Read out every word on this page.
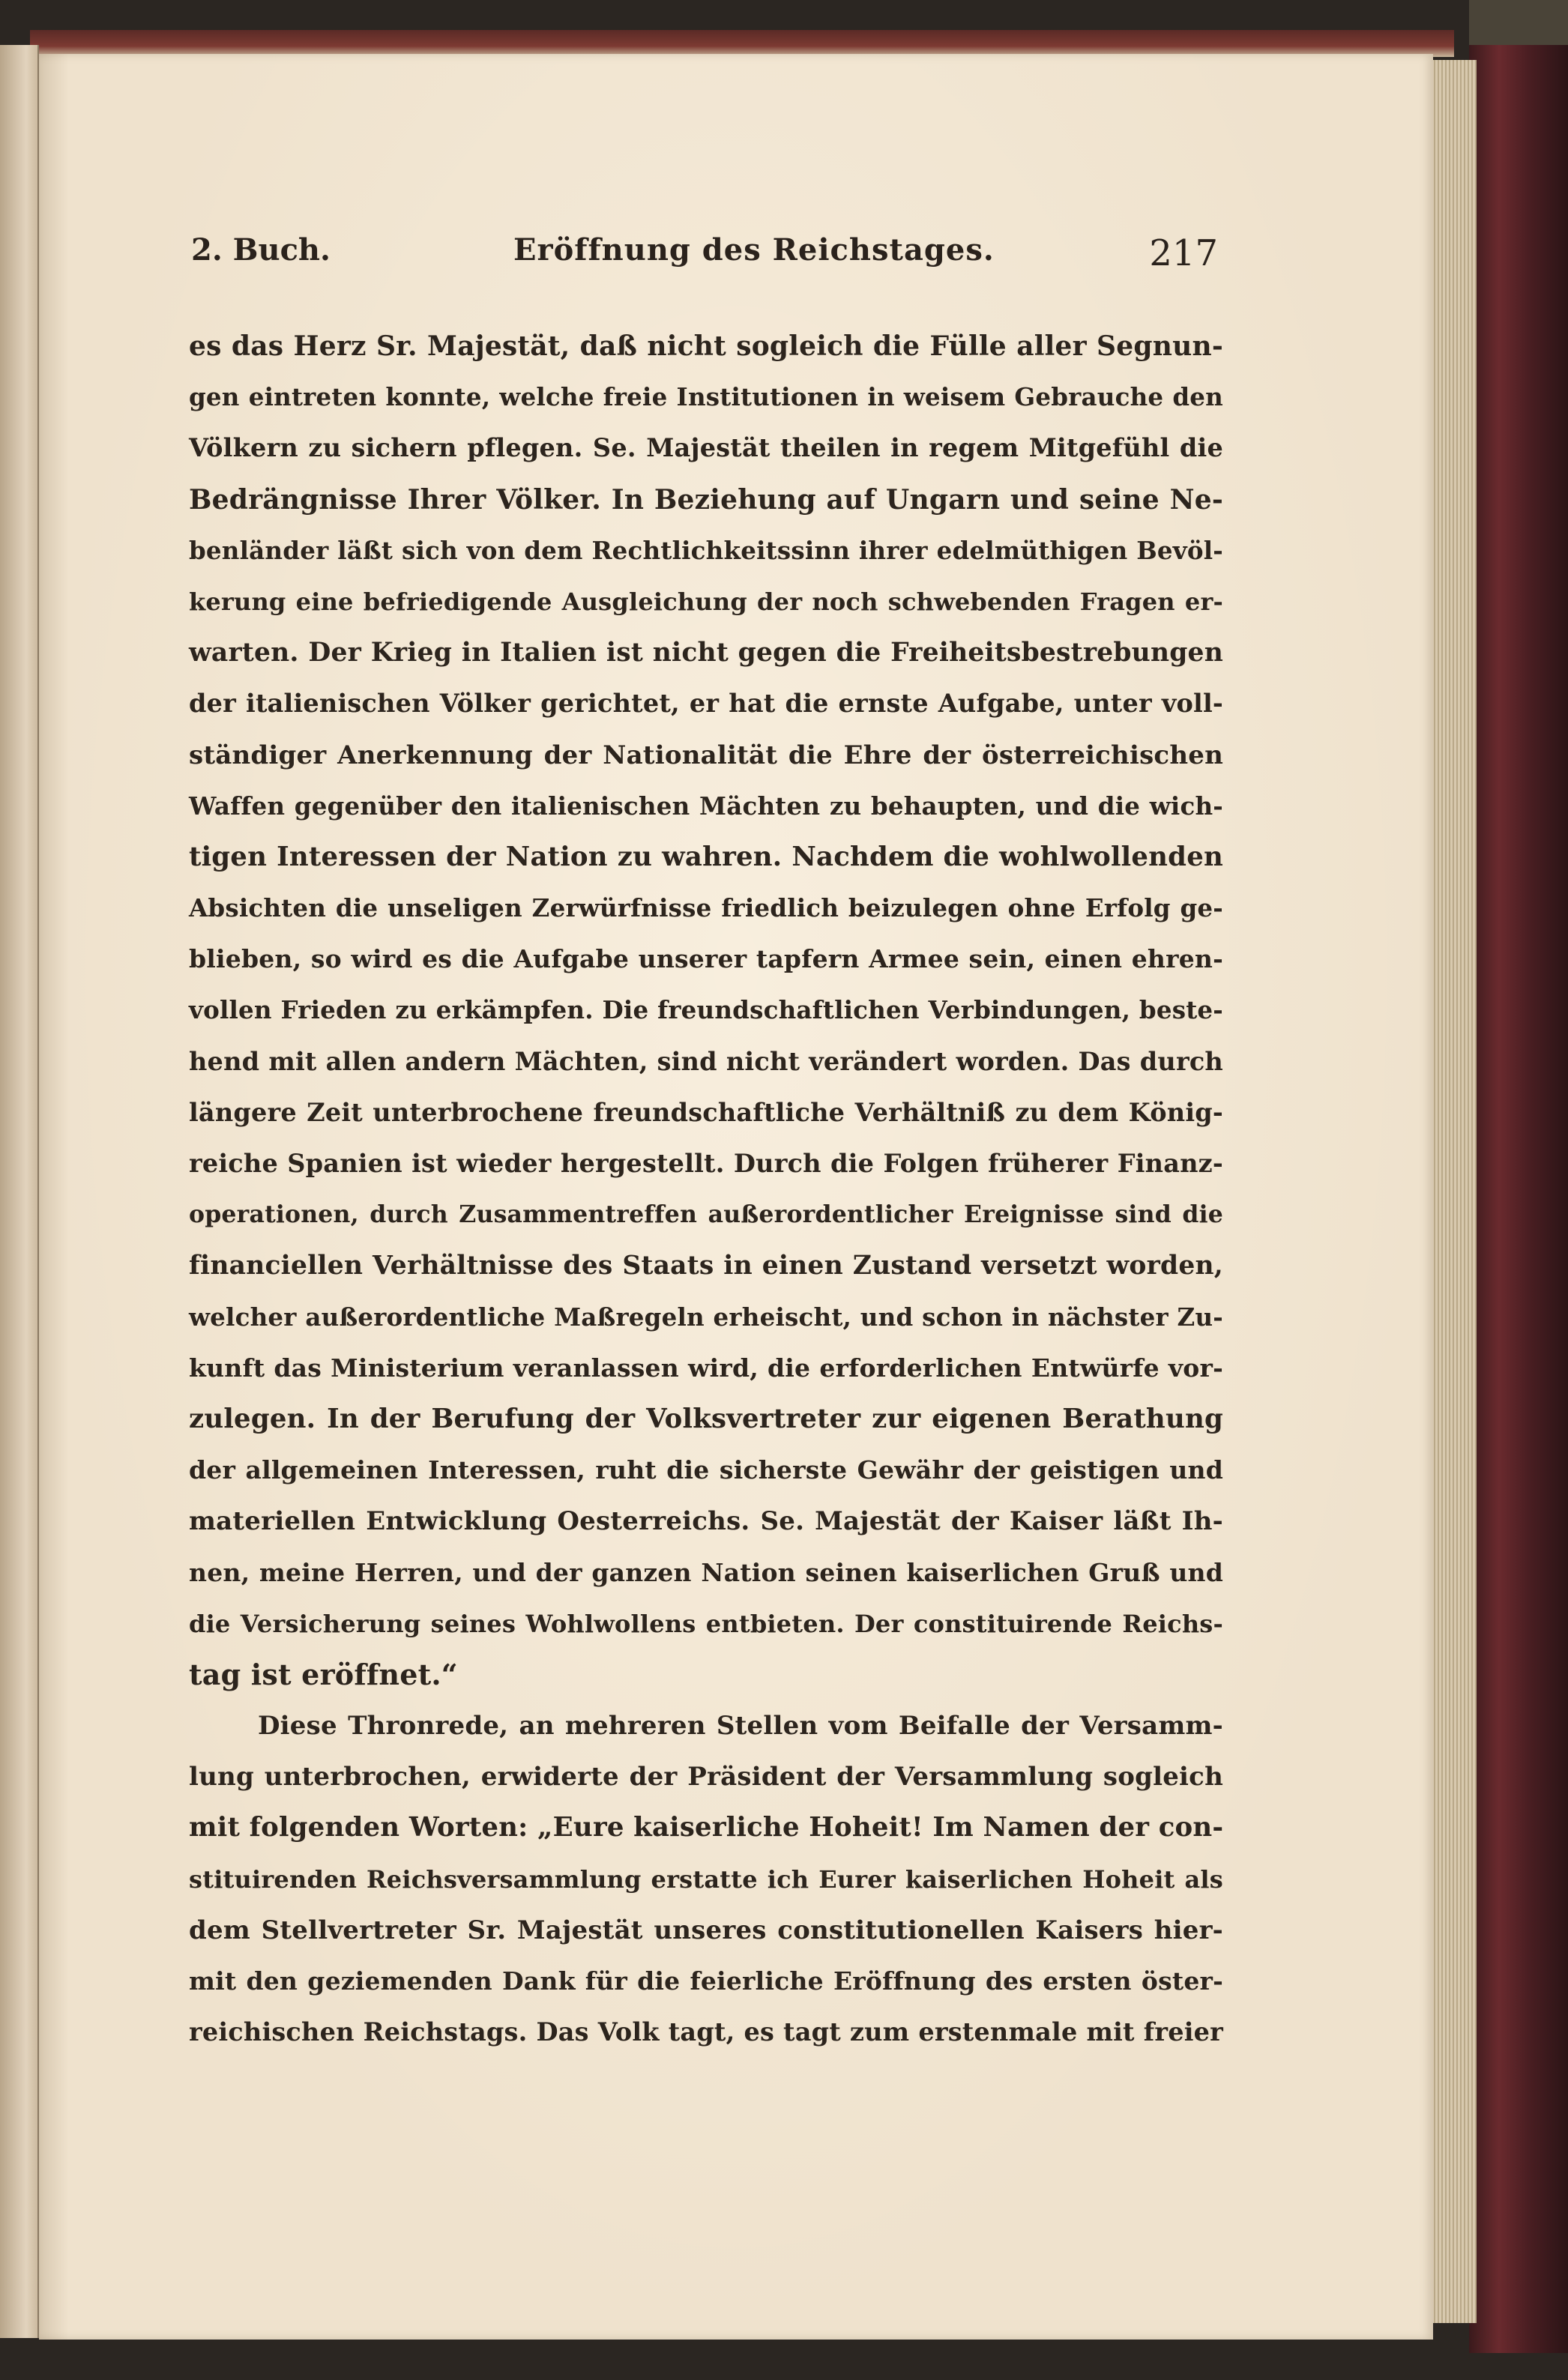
2. Buch.	Eröffnung des Reichstages.	217
es das Herz Sr. Majestät, daß nicht sogleich die Fülle aller Segnun-
gen eintreten konnte, welche freie Institutionen in weisem Gebrauche den
Völkern zu sichern pflegen. Se. Majestät theilen in regem Mitgefühl die
Bedrängnisse Ihrer Völker. In Beziehung auf Ungarn und seine Ne-
benländer läßt sich von dem Rechtlichkeitssinn ihrer edelmüthigen Bevöl-
kerung eine befriedigende Ausgleichung der noch schwebenden Fragen er-
warten. Der Krieg in Italien ist nicht gegen die Freiheitsbestrebungen
der italienischen Völker gerichtet, er hat die ernste Aufgabe, unter voll-
ständiger Anerkennung der Nationalität die Ehre der österreichischen
Waffen gegenüber den italienischen Mächten zu behaupten, und die wich-
tigen Interessen der Nation zu wahren. Nachdem die wohlwollenden
Absichten die unseligen Zerwürfnisse friedlich beizulegen ohne Erfolg ge-
blieben, so wird es die Aufgabe unserer tapfern Armee sein, einen ehren-
vollen Frieden zu erkämpfen. Die freundschaftlichen Verbindungen, beste-
hend mit allen andern Mächten, sind nicht verändert worden. Das durch
längere Zeit unterbrochene freundschaftliche Verhältniß zu dem König-
reiche Spanien ist wieder hergestellt. Durch die Folgen früherer Finanz-
operationen, durch Zusammentreffen außerordentlicher Ereignisse sind die
financiellen Verhältnisse des Staats in einen Zustand versetzt worden,
welcher außerordentliche Maßregeln erheischt, und schon in nächster Zu-
kunft das Ministerium veranlassen wird, die erforderlichen Entwürfe vor-
zulegen. In der Berufung der Volksvertreter zur eigenen Berathung
der allgemeinen Interessen, ruht die sicherste Gewähr der geistigen und
materiellen Entwicklung Oesterreichs. Se. Majestät der Kaiser läßt Ih-
nen, meine Herren, und der ganzen Nation seinen kaiserlichen Gruß und
die Versicherung seines Wohlwollens entbieten. Der constituirende Reichs-
tag ist eröffnet.“
Diese Thronrede, an mehreren Stellen vom Beifalle der Versamm-
lung unterbrochen, erwiderte der Präsident der Versammlung sogleich
mit folgenden Worten: „Eure kaiserliche Hoheit! Im Namen der con-
stituirenden Reichsversammlung erstatte ich Eurer kaiserlichen Hoheit als
dem Stellvertreter Sr. Majestät unseres constitutionellen Kaisers hier-
mit den geziemenden Dank für die feierliche Eröffnung des ersten öster-
reichischen Reichstags. Das Volk tagt, es tagt zum erstenmale mit freier
